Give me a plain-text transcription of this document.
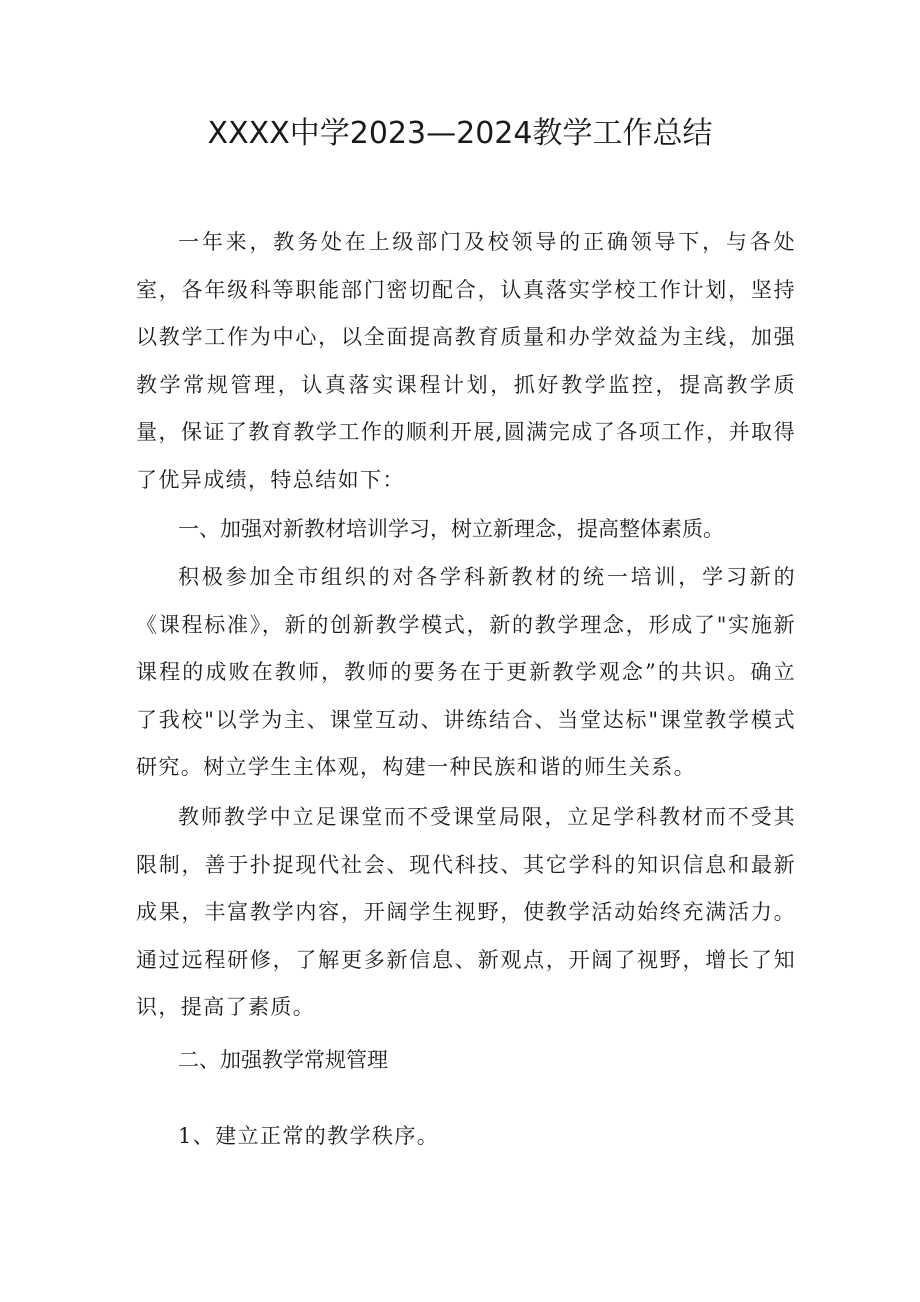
XXXX中学2023—2024教学工作总结

一年来，教务处在上级部门及校领导的正确领导下，与各处室，各年级科等职能部门密切配合，认真落实学校工作计划，坚持以教学工作为中心，以全面提高教育质量和办学效益为主线，加强教学常规管理，认真落实课程计划，抓好教学监控，提高教学质量，保证了教育教学工作的顺利开展,圆满完成了各项工作，并取得了优异成绩，特总结如下：

一、加强对新教材培训学习，树立新理念，提高整体素质。

积极参加全市组织的对各学科新教材的统一培训，学习新的《课程标准》，新的创新教学模式，新的教学理念，形成了"实施新课程的成败在教师，教师的要务在于更新教学观念”的共识。确立了我校"以学为主、课堂互动、讲练结合、当堂达标"课堂教学模式研究。树立学生主体观，构建一种民族和谐的师生关系。

教师教学中立足课堂而不受课堂局限，立足学科教材而不受其限制，善于扑捉现代社会、现代科技、其它学科的知识信息和最新成果，丰富教学内容，开阔学生视野，使教学活动始终充满活力。通过远程研修，了解更多新信息、新观点，开阔了视野，增长了知识，提高了素质。

二、加强教学常规管理

1、建立正常的教学秩序。
